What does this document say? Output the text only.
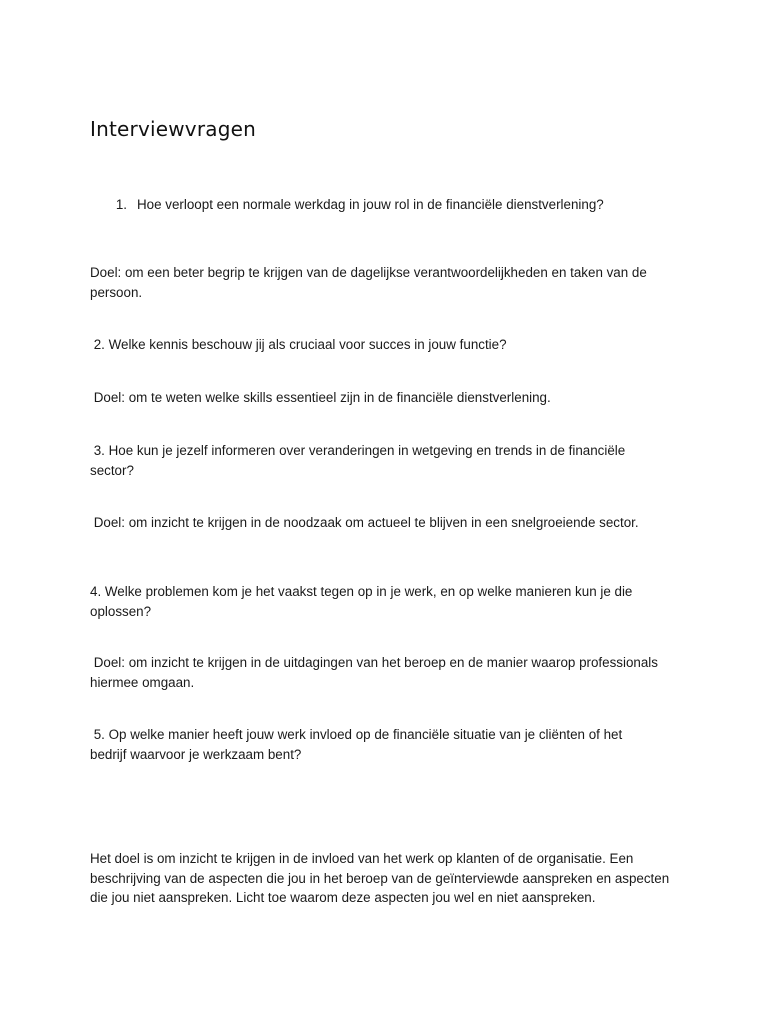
Interviewvragen
1. Hoe verloopt een normale werkdag in jouw rol in de financiële dienstverlening?

Doel: om een beter begrip te krijgen van de dagelijkse verantwoordelijkheden en taken van de persoon.

2. Welke kennis beschouw jij als cruciaal voor succes in jouw functie?

Doel: om te weten welke skills essentieel zijn in de financiële dienstverlening.

3. Hoe kun je jezelf informeren over veranderingen in wetgeving en trends in de financiële sector?

Doel: om inzicht te krijgen in de noodzaak om actueel te blijven in een snelgroeiende sector.

4. Welke problemen kom je het vaakst tegen op in je werk, en op welke manieren kun je die oplossen?

Doel: om inzicht te krijgen in de uitdagingen van het beroep en de manier waarop professionals hiermee omgaan.

5. Op welke manier heeft jouw werk invloed op de financiële situatie van je cliënten of het bedrijf waarvoor je werkzaam bent?

Het doel is om inzicht te krijgen in de invloed van het werk op klanten of de organisatie. Een beschrijving van de aspecten die jou in het beroep van de geïnterviewde aanspreken en aspecten die jou niet aanspreken. Licht toe waarom deze aspecten jou wel en niet aanspreken.
